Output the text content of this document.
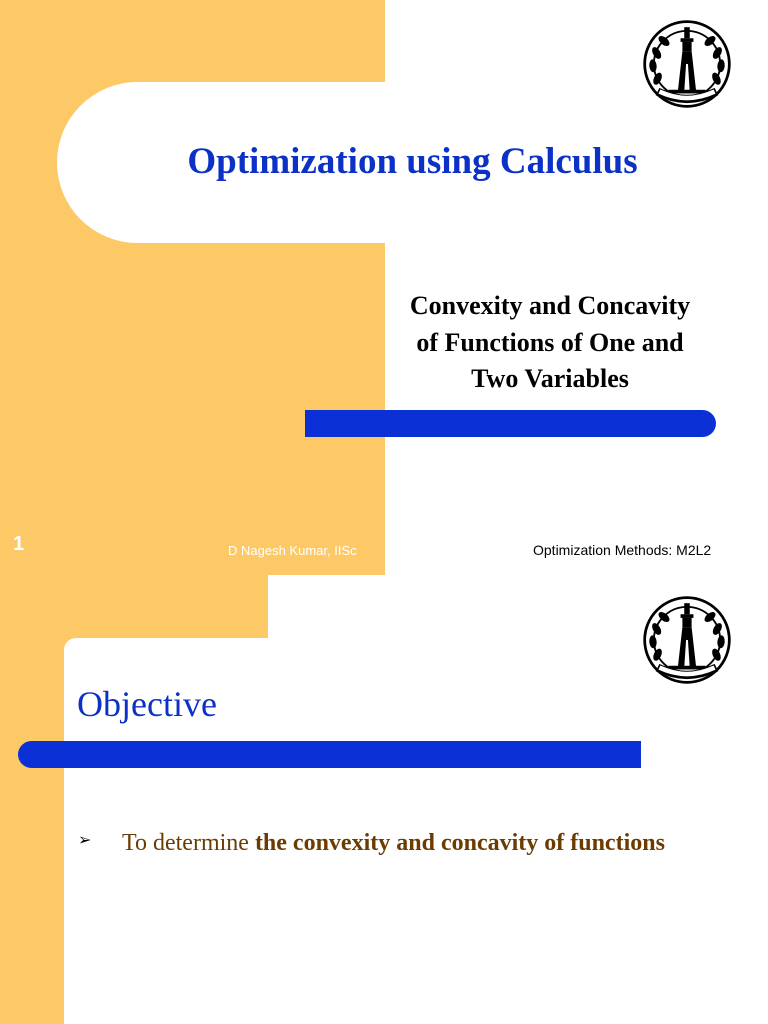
Optimization using Calculus
Convexity and Concavity
of Functions of One and
Two Variables
1	D Nagesh Kumar, IISc	Optimization Methods: M2L2
Objective
➢ To determine the convexity and concavity of functions
